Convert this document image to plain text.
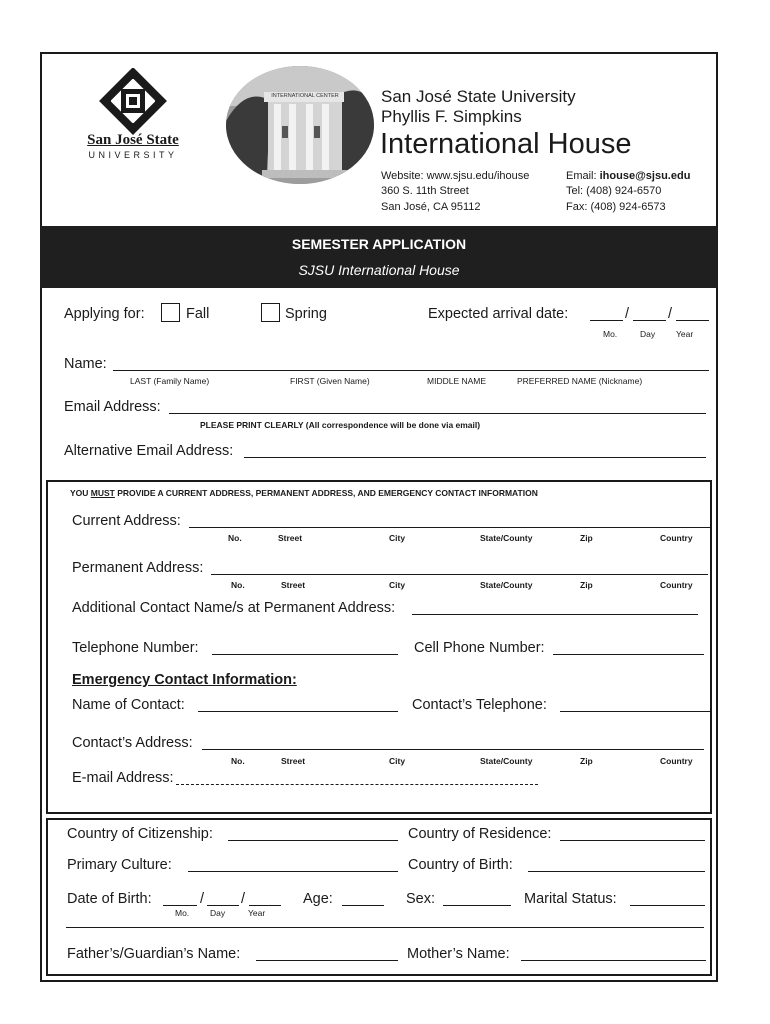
San José State
UNIVERSITY
INTERNATIONAL CENTER	San José State University
Phyllis F. Simpkins
International House
Website: www.sjsu.edu/ihouse
360 S. 11th Street
San José, CA 95112
Email: ihouse@sjsu.edu
Tel: (408) 924-6570
Fax: (408) 924-6573
SEMESTER APPLICATION
SJSU International House
Applying for:	Fall	Spring	Expected arrival date:	/	/
Mo.	Day Year
Name:
LAST (Family Name)	FIRST (Given Name)	MIDDLE NAME	PREFERRED NAME (Nickname)
Email Address:
PLEASE PRINT CLEARLY (All correspondence will be done via email)
Alternative Email Address:
YOU MUST PROVIDE A CURRENT ADDRESS, PERMANENT ADDRESS, AND EMERGENCY CONTACT INFORMATION
Current Address:
No.	Street	City	State/County	Zip	Country
Permanent Address:
No.	Street	City	State/County	Zip	Country
Additional Contact Name/s at Permanent Address:
Telephone Number:	Cell Phone Number:
Emergency Contact Information:
Name of Contact:	Contact’s Telephone:
Contact’s Address:
No.	Street	City	State/County	Zip	Country
E-mail Address:
Country of Citizenship:	Country of Residence:
Primary Culture:	Country of Birth:
Date of Birth:	/	/
Mo. Day	Year
Age:	Sex:	Marital Status:
Father’s/Guardian’s Name:	Mother’s Name:
